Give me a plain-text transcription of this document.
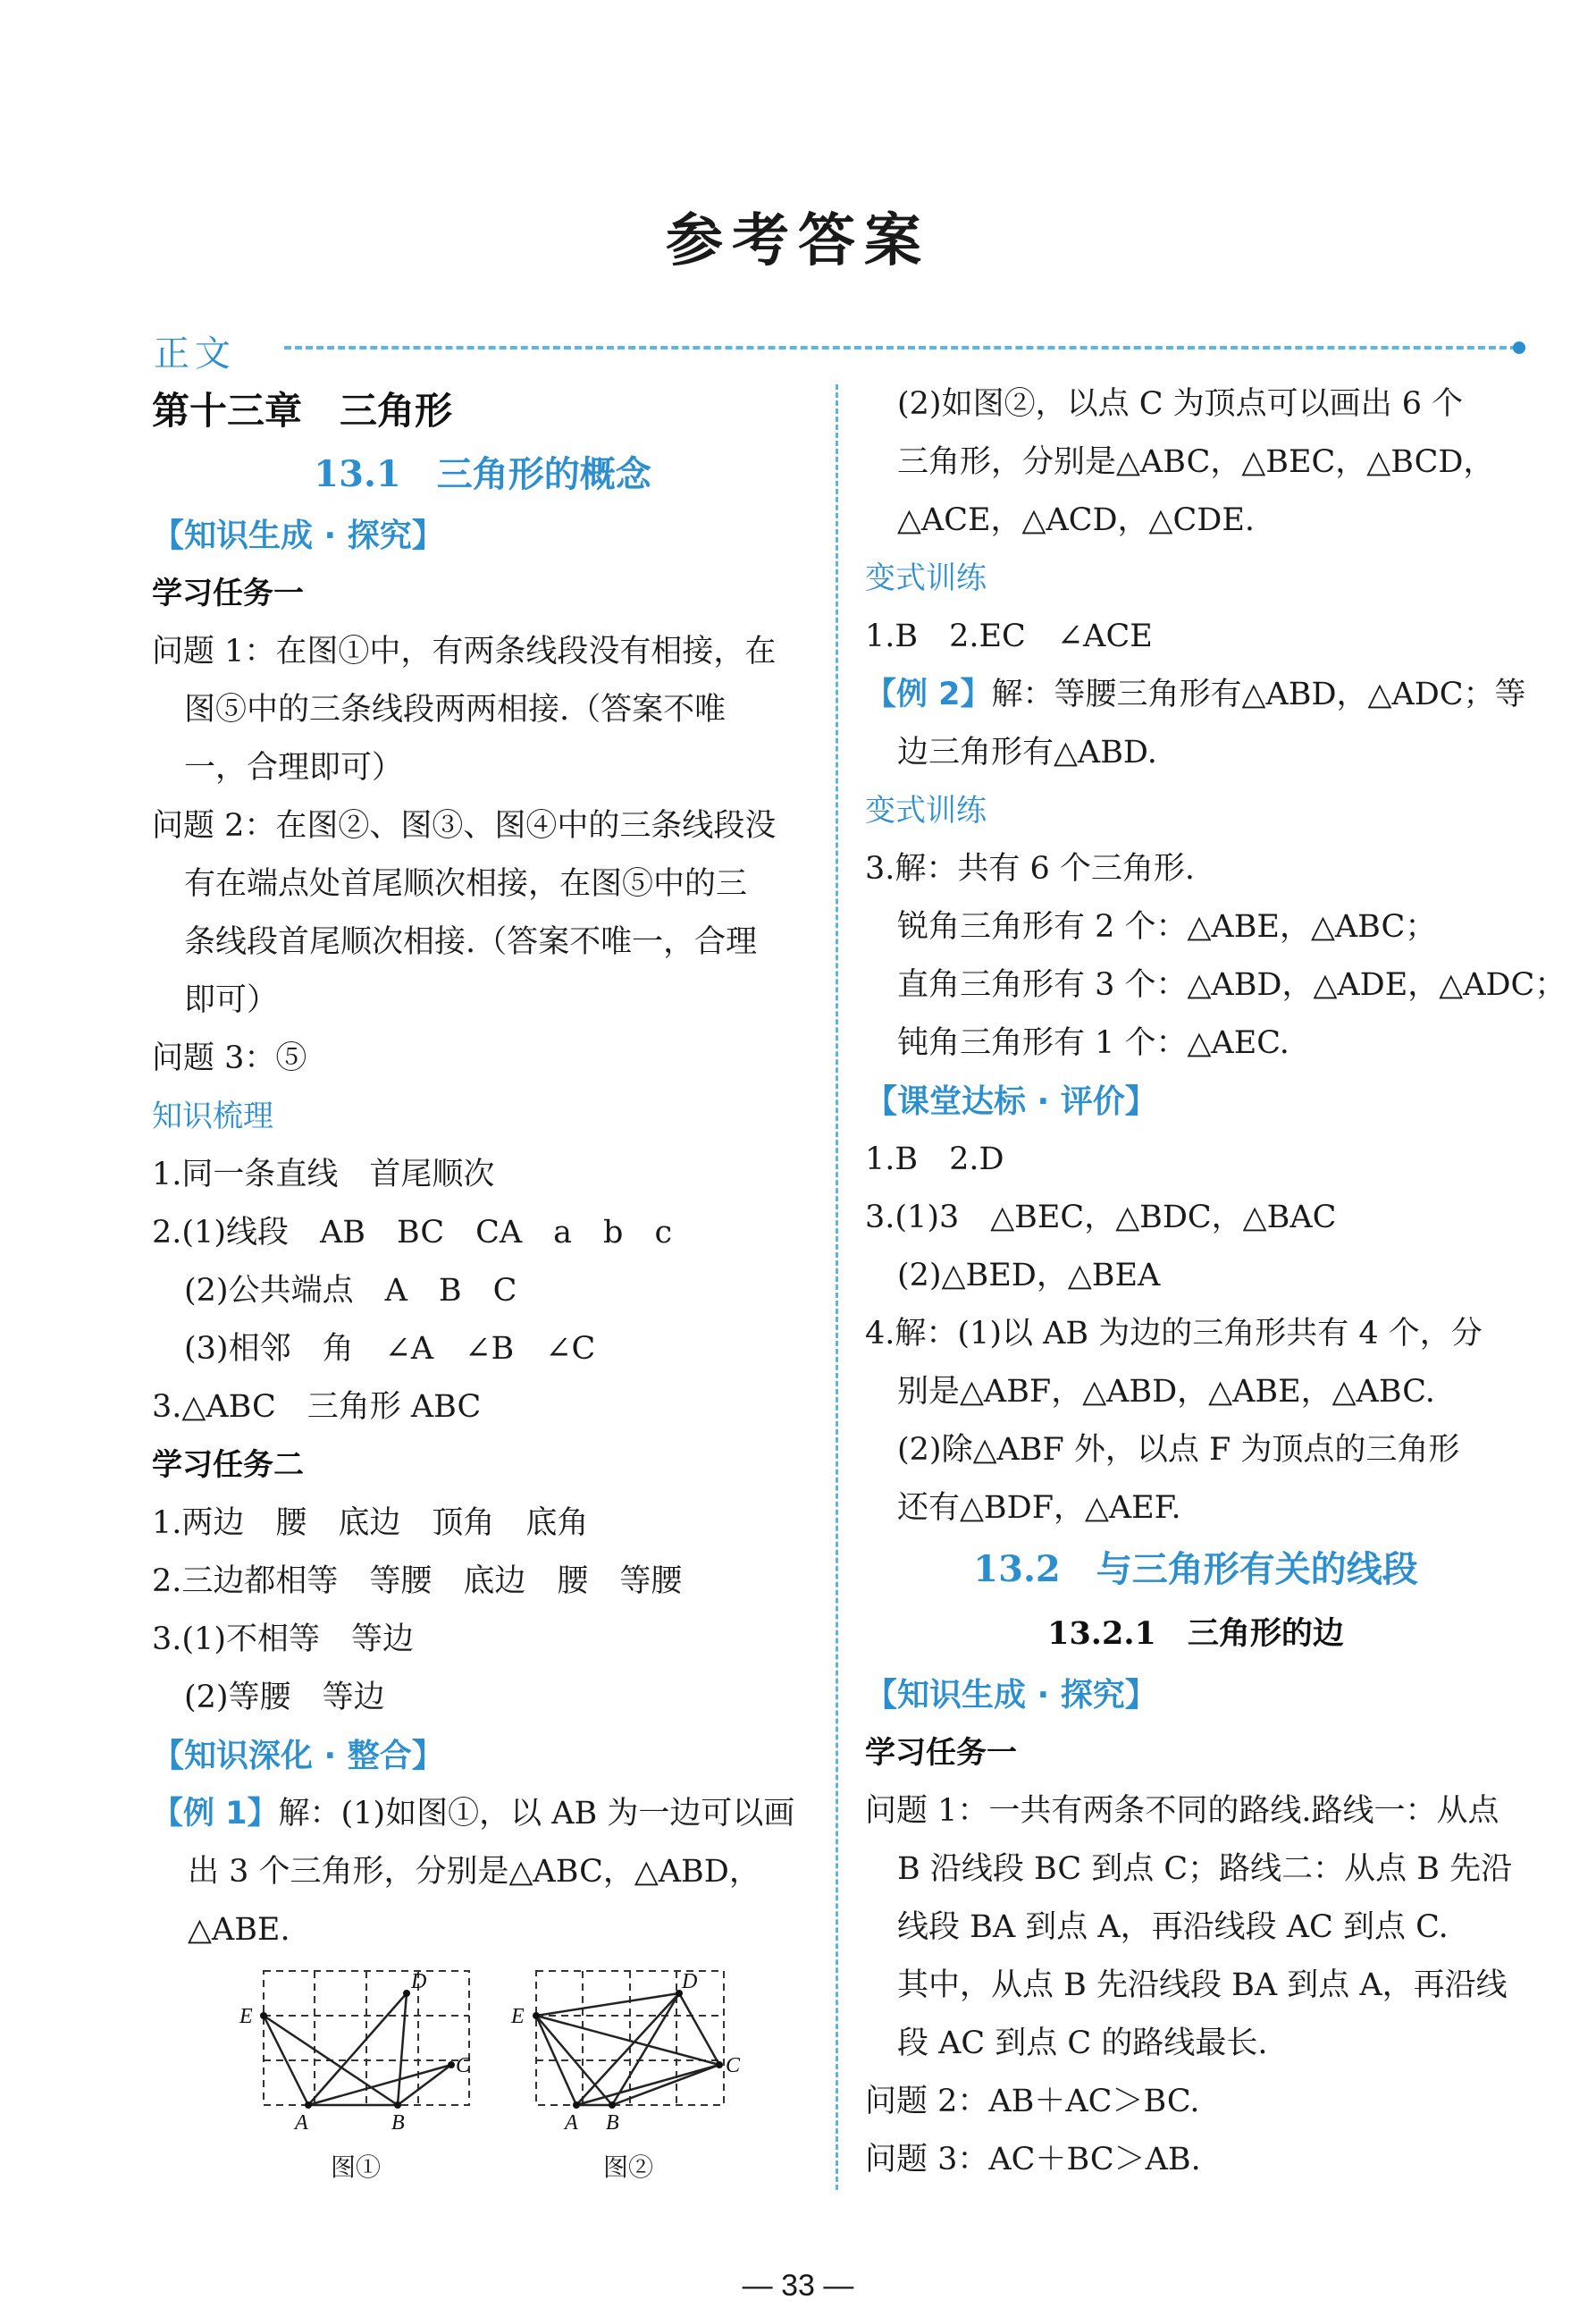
参考答案
正文
第十三章　三角形
13.1　三角形的概念
【知识生成 · 探究】
学习任务一
问题 1：在图①中，有两条线段没有相接，在
图⑤中的三条线段两两相接.（答案不唯
一，合理即可）
问题 2：在图②、图③、图④中的三条线段没
有在端点处首尾顺次相接，在图⑤中的三
条线段首尾顺次相接.（答案不唯一，合理
即可）
问题 3：⑤
知识梳理
1.同一条直线　首尾顺次
2.(1)线段　AB　BC　CA　a　b　c
(2)公共端点　A　B　C
(3)相邻　角　∠A　∠B　∠C
3.△ABC　三角形 ABC
学习任务二
1.两边　腰　底边　顶角　底角
2.三边都相等　等腰　底边　腰　等腰
3.(1)不相等　等边
(2)等腰　等边
【知识深化 · 整合】
【例 1】解：(1)如图①，以 AB 为一边可以画
出 3 个三角形，分别是△ABC，△ABD，
△ABE.
E
D
C
A	B
E
D
C
A B
图①	图②
(2)如图②，以点 C 为顶点可以画出 6 个
三角形，分别是△ABC，△BEC，△BCD，
△ACE，△ACD，△CDE.
变式训练
1.B　2.EC　∠ACE
【例 2】解：等腰三角形有△ABD，△ADC；等
边三角形有△ABD.
变式训练
3.解：共有 6 个三角形.
锐角三角形有 2 个：△ABE，△ABC；
直角三角形有 3 个：△ABD，△ADE，△ADC；
钝角三角形有 1 个：△AEC.
【课堂达标 · 评价】
1.B　2.D
3.(1)3　△BEC，△BDC，△BAC
(2)△BED，△BEA
4.解：(1)以 AB 为边的三角形共有 4 个，分
别是△ABF，△ABD，△ABE，△ABC.
(2)除△ABF 外，以点 F 为顶点的三角形
还有△BDF，△AEF.
13.2　与三角形有关的线段
13.2.1　三角形的边
【知识生成 · 探究】
学习任务一
问题 1：一共有两条不同的路线.路线一：从点
B 沿线段 BC 到点 C；路线二：从点 B 先沿
线段 BA 到点 A，再沿线段 AC 到点 C.
其中，从点 B 先沿线段 BA 到点 A，再沿线
段 AC 到点 C 的路线最长.
问题 2：AB＋AC＞BC.
问题 3：AC＋BC＞AB.
— 33 —
